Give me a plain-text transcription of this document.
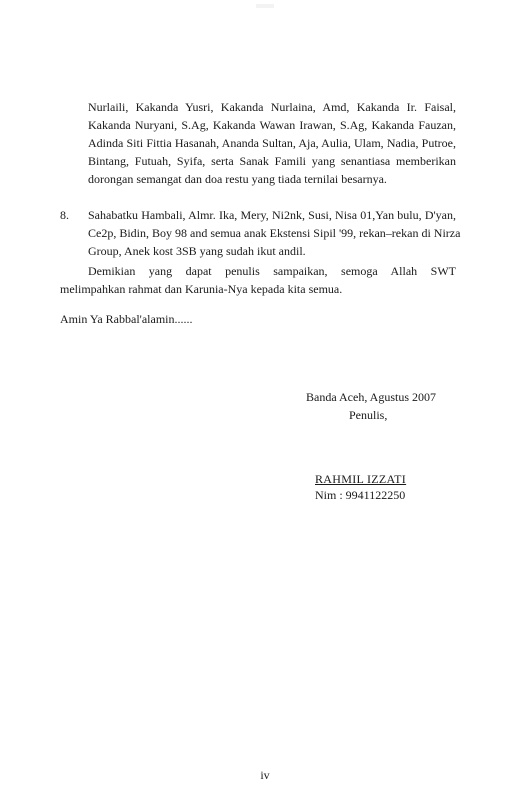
Nurlaili, Kakanda Yusri, Kakanda Nurlaina, Amd, Kakanda Ir. Faisal,
Kakanda Nuryani, S.Ag, Kakanda Wawan Irawan, S.Ag, Kakanda Fauzan,
Adinda Siti Fittia Hasanah, Ananda Sultan, Aja, Aulia, Ulam, Nadia, Putroe,
Bintang, Futuah, Syifa, serta Sanak Famili yang senantiasa memberikan
dorongan semangat dan doa restu yang tiada ternilai besarnya.
8. Sahabatku Hambali, Almr. Ika, Mery, Ni2nk, Susi, Nisa 01,Yan bulu, D'yan,
Ce2p, Bidin, Boy 98 and semua anak Ekstensi Sipil '99, rekan–rekan di Nirza
Group, Anek kost 3SB yang sudah ikut andil.
Demikian yang dapat penulis sampaikan, semoga Allah SWT
melimpahkan rahmat dan Karunia-Nya kepada kita semua.
Amin Ya Rabbal'alamin......
Banda Aceh, Agustus 2007
Penulis,
RAHMIL IZZATI
Nim : 9941122250
iv
